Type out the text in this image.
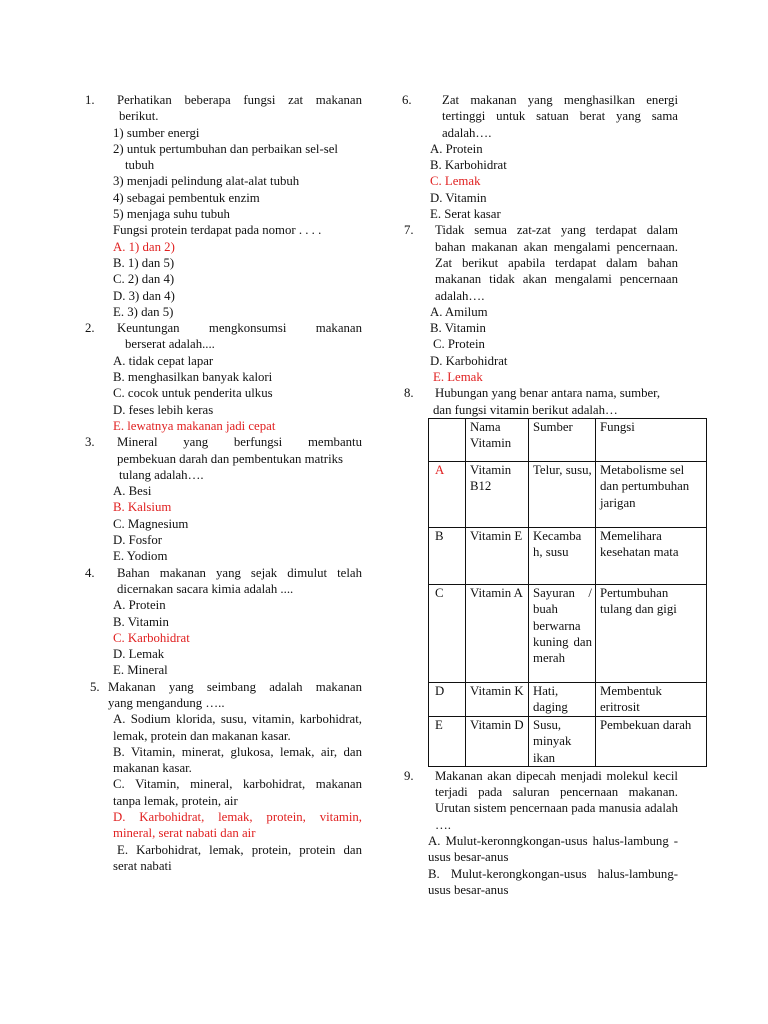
1.	Perhatikan beberapa fungsi zat makanan
berikut.
1) sumber energi
2) untuk pertumbuhan dan perbaikan sel-sel
tubuh
3) menjadi pelindung alat-alat tubuh
4) sebagai pembentuk enzim
5) menjaga suhu tubuh
Fungsi protein terdapat pada nomor . . . .
A. 1) dan 2)
B. 1) dan 5)
C. 2) dan 4)
D. 3) dan 4)
E. 3) dan 5)
2.	Keuntungan mengkonsumsi makanan
berserat adalah....
A. tidak cepat lapar
B. menghasilkan banyak kalori
C. cocok untuk penderita ulkus
D. feses lebih keras
E. lewatnya makanan jadi cepat
3.	Mineral yang berfungsi membantu
pembekuan darah dan pembentukan matriks
tulang adalah….
A. Besi
B. Kalsium
C. Magnesium
D. Fosfor
E. Yodiom
4.	Bahan makanan yang sejak dimulut telah
dicernakan sacara kimia adalah ....
A. Protein
B. Vitamin
C. Karbohidrat
D. Lemak
E. Mineral
5. Makanan yang seimbang adalah makanan
yang mengandung …..
A. Sodium klorida, susu, vitamin, karbohidrat, lemak, protein dan makanan kasar.
B. Vitamin, minerat, glukosa, lemak, air, dan makanan kasar.
C. Vitamin, mineral, karbohidrat, makanan tanpa lemak, protein, air
D. Karbohidrat, lemak, protein, vitamin, mineral, serat nabati dan air
E. Karbohidrat, lemak, protein, protein dan serat nabati
6.	Zat makanan yang menghasilkan energi tertinggi untuk satuan berat yang sama adalah….
A. Protein
B. Karbohidrat
C. Lemak
D. Vitamin
E. Serat kasar
7.	Tidak semua zat-zat yang terdapat dalam bahan makanan akan mengalami pencernaan. Zat berikut apabila terdapat dalam bahan makanan tidak akan mengalami pencernaan adalah….
A. Amilum
B. Vitamin
C. Protein
D. Karbohidrat
E. Lemak
8.	Hubungan yang benar antara nama, sumber,
dan fungsi vitamin berikut adalah…
	Nama Vitamin	Sumber	Fungsi
A	Vitamin B12	Telur, susu,	Metabolisme sel dan pertumbuhan jarigan
B	Vitamin E	Kecamba h, susu	Memelihara kesehatan mata
C	Vitamin A	Sayuran / buah berwarna kuning dan merah	Pertumbuhan tulang dan gigi
D	Vitamin K	Hati, daging	Membentuk eritrosit
E	Vitamin D	Susu, minyak ikan	Pembekuan darah
9.	Makanan akan dipecah menjadi molekul kecil terjadi pada saluran pencernaan makanan. Urutan sistem pencernaan pada manusia adalah ….
A. Mulut-keronngkongan-usus halus-lambung - usus besar-anus
B. Mulut-kerongkongan-usus halus-lambung-usus besar-anus
